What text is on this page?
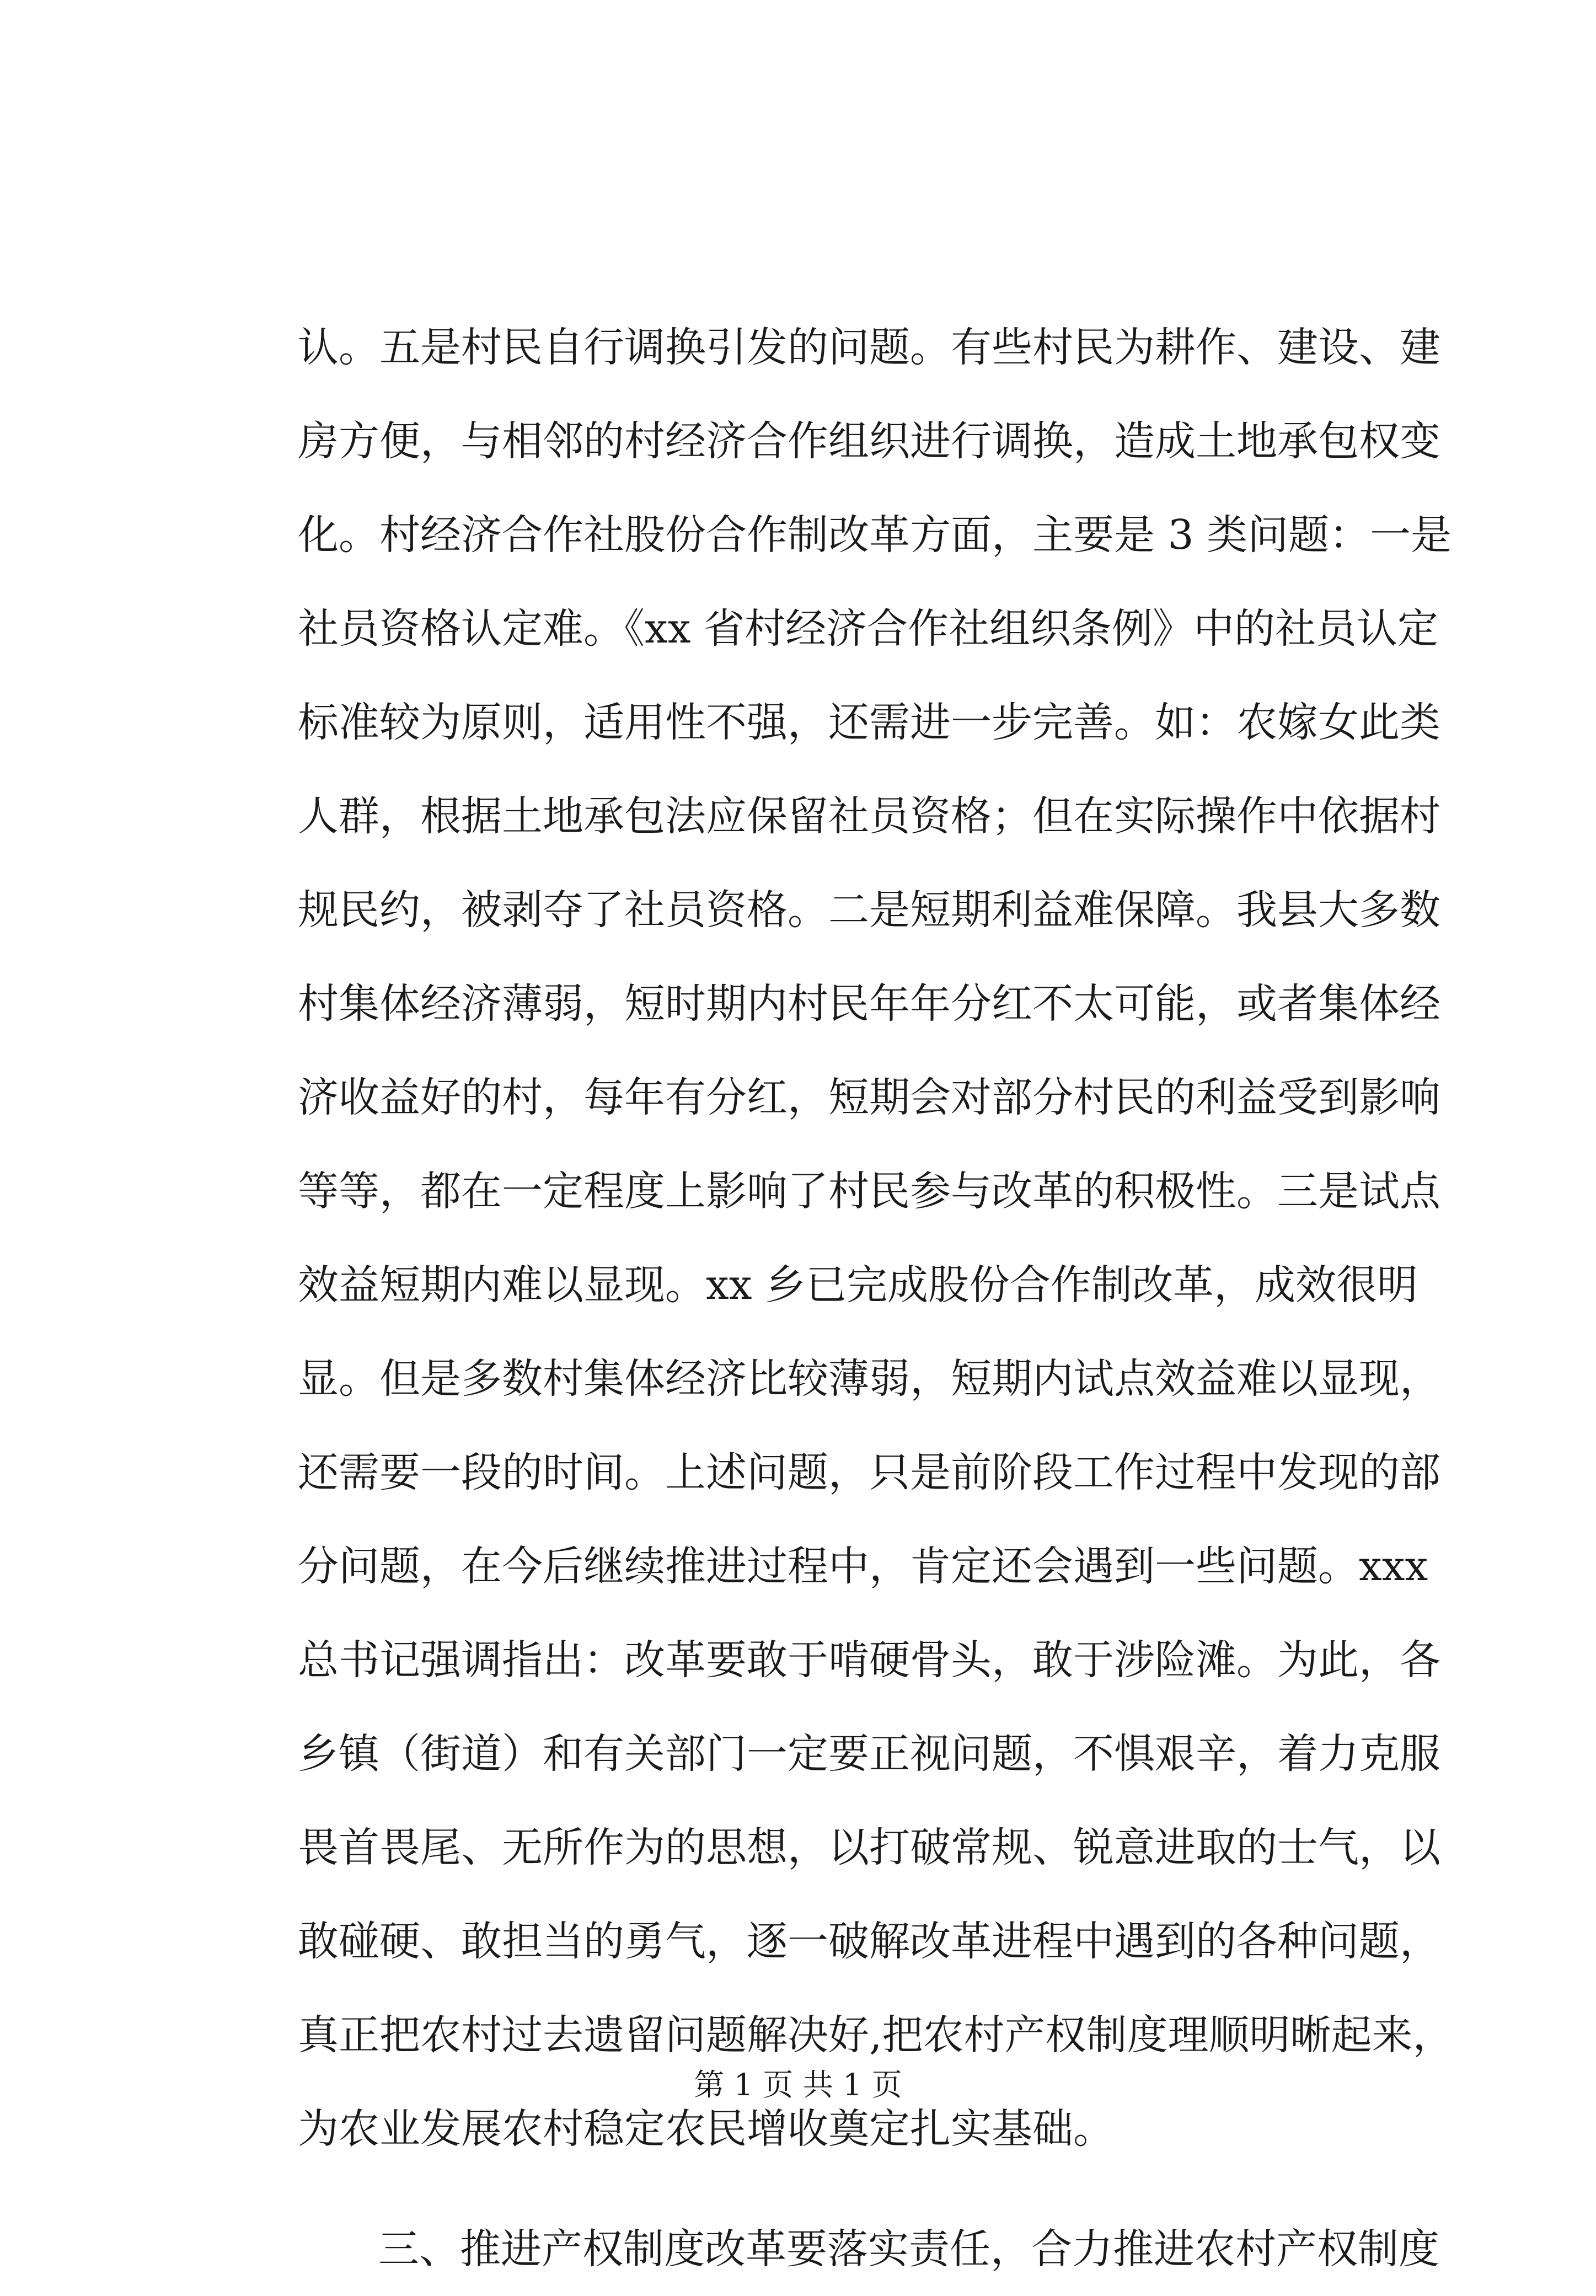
认。五是村民自行调换引发的问题。有些村民为耕作、建设、建
房方便，与相邻的村经济合作组织进行调换，造成土地承包权变
化。村经济合作社股份合作制改革方面，主要是 3 类问题：一是
社员资格认定难。《xx 省村经济合作社组织条例》中的社员认定
标准较为原则，适用性不强，还需进一步完善。如：农嫁女此类
人群，根据土地承包法应保留社员资格；但在实际操作中依据村
规民约，被剥夺了社员资格。二是短期利益难保障。我县大多数
村集体经济薄弱，短时期内村民年年分红不太可能，或者集体经
济收益好的村，每年有分红，短期会对部分村民的利益受到影响
等等，都在一定程度上影响了村民参与改革的积极性。三是试点
效益短期内难以显现。xx 乡已完成股份合作制改革，成效很明
显。但是多数村集体经济比较薄弱，短期内试点效益难以显现，
还需要一段的时间。上述问题，只是前阶段工作过程中发现的部
分问题，在今后继续推进过程中，肯定还会遇到一些问题。xxx
总书记强调指出：改革要敢于啃硬骨头，敢于涉险滩。为此，各
乡镇（街道）和有关部门一定要正视问题，不惧艰辛，着力克服
畏首畏尾、无所作为的思想，以打破常规、锐意进取的士气，以
敢碰硬、敢担当的勇气，逐一破解改革进程中遇到的各种问题，
真正把农村过去遗留问题解决好,把农村产权制度理顺明晰起来，
为农业发展农村稳定农民增收奠定扎实基础。
三、推进产权制度改革要落实责任，合力推进农村产权制度
第 1 页 共 1 页
